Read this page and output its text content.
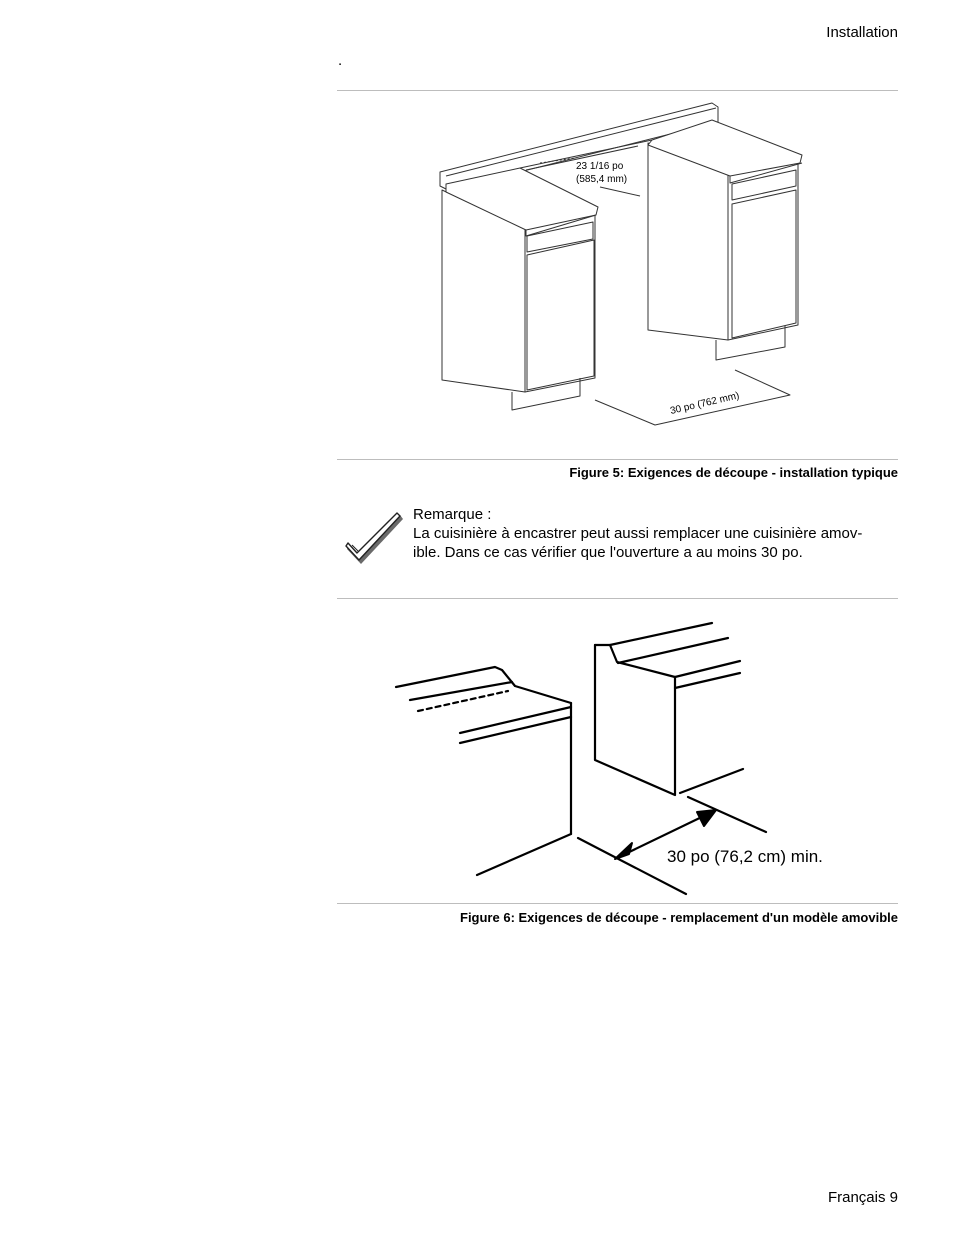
Installation
.
23 1/16 po
(585,4 mm)
30 po (762 mm)
Figure 5: Exigences de découpe - installation typique
Remarque :
La cuisinière à encastrer peut aussi remplacer une cuisinière amov-
ible. Dans ce cas vérifier que l'ouverture a au moins 30 po.
30 po (76,2 cm) min.
Figure 6: Exigences de découpe - remplacement d'un modèle amovible
Français 9
